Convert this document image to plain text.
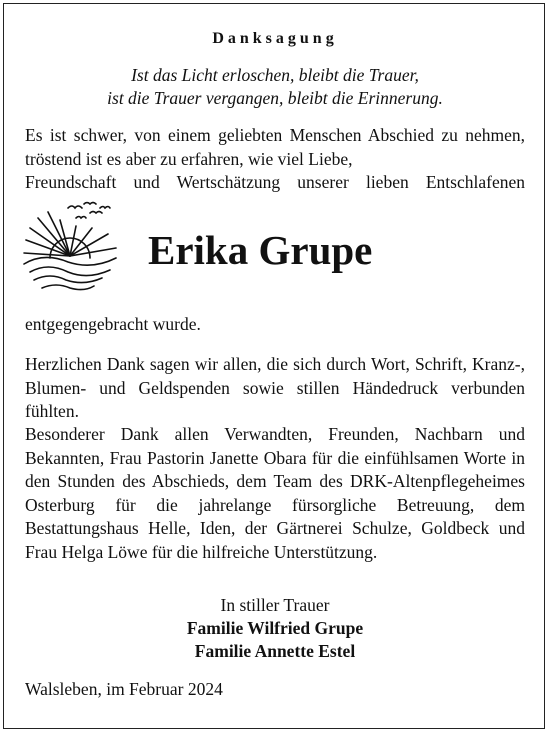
Danksagung
Ist das Licht erloschen, bleibt die Trauer,
ist die Trauer vergangen, bleibt die Erinnerung.
Es ist schwer, von einem geliebten Menschen Abschied zu nehmen, tröstend ist es aber zu erfahren, wie viel Liebe,
Freundschaft und Wertschätzung unserer lieben Entschlafenen
Erika Grupe
entgegengebracht wurde.
Herzlichen Dank sagen wir allen, die sich durch Wort, Schrift, Kranz-, Blumen- und Geldspenden sowie stillen Händedruck verbunden fühlten.
Besonderer Dank allen Verwandten, Freunden, Nachbarn und Bekannten, Frau Pastorin Janette Obara für die einfühlsamen Worte in den Stunden des Abschieds, dem Team des DRK-Altenpflegeheimes Osterburg für die jahrelange fürsorgliche Betreuung, dem Bestattungshaus Helle, Iden, der Gärtnerei Schulze, Goldbeck und Frau Helga Löwe für die hilfreiche Unterstützung.
In stiller Trauer
Familie Wilfried Grupe
Familie Annette Estel
Walsleben, im Februar 2024
